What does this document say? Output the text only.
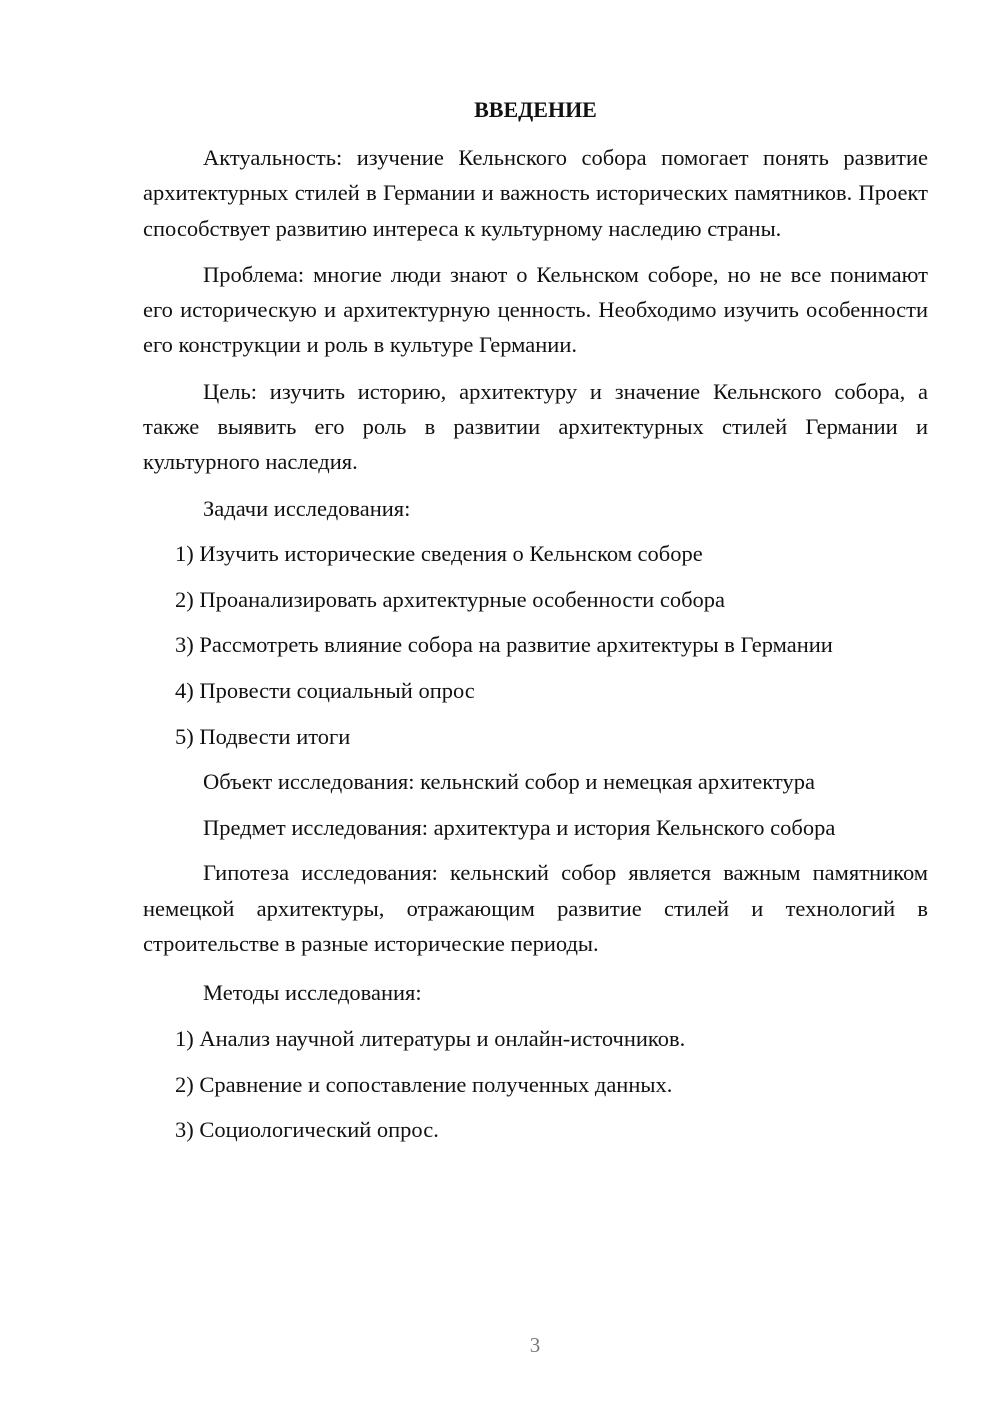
ВВЕДЕНИЕ

Актуальность: изучение Кельнского собора помогает понять развитие архитектурных стилей в Германии и важность исторических памятников. Проект способствует развитию интереса к культурному наследию страны.

Проблема: многие люди знают о Кельнском соборе, но не все понимают его историческую и архитектурную ценность. Необходимо изучить особенности его конструкции и роль в культуре Германии.

Цель: изучить историю, архитектуру и значение Кельнского собора, а также выявить его роль в развитии архитектурных стилей Германии и культурного наследия.

Задачи исследования:
1) Изучить исторические сведения о Кельнском соборе
2) Проанализировать архитектурные особенности собора
3) Рассмотреть влияние собора на развитие архитектуры в Германии
4) Провести социальный опрос
5) Подвести итоги
Объект исследования: кельнский собор и немецкая архитектура
Предмет исследования: архитектура и история Кельнского собора

Гипотеза исследования: кельнский собор является важным памятником немецкой архитектуры, отражающим развитие стилей и технологий в строительстве в разные исторические периоды.

Методы исследования:
1) Анализ научной литературы и онлайн-источников.
2) Сравнение и сопоставление полученных данных.
3) Социологический опрос.
3
